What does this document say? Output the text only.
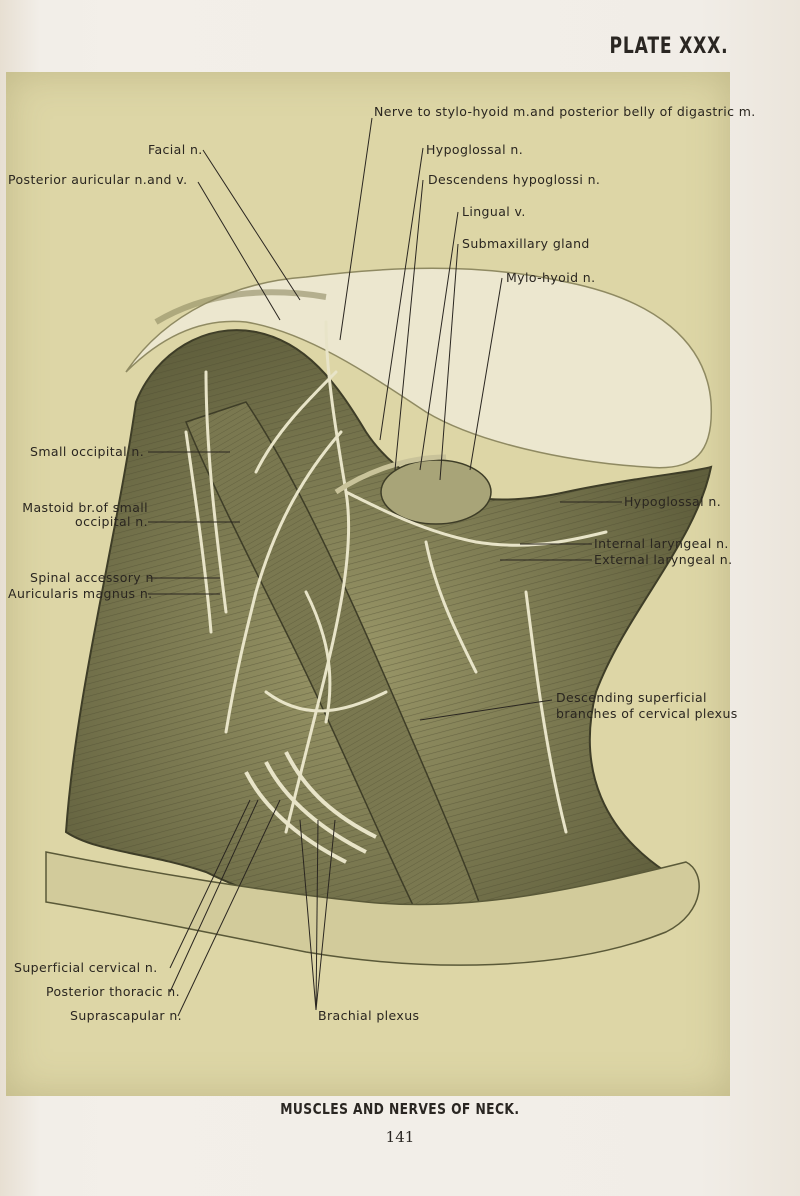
PLATE XXX.
Nerve to stylo-hyoid m.and posterior belly of digastric m.
Facial n.
Posterior auricular n.and v.
Hypoglossal n.
Descendens hypoglossi n.
Lingual v.
Submaxillary gland
Mylo-hyoid n.
Small occipital n.
Mastoid br.of small
occipital n.
Spinal accessory n
Auricularis magnus n.
Hypoglossal n.
Internal laryngeal n.
External laryngeal n.
Descending superficial
branches of cervical plexus
Superficial cervical n.
Posterior thoracic n.
Suprascapular n.	Brachial plexus
MUSCLES AND NERVES OF NECK.
141
